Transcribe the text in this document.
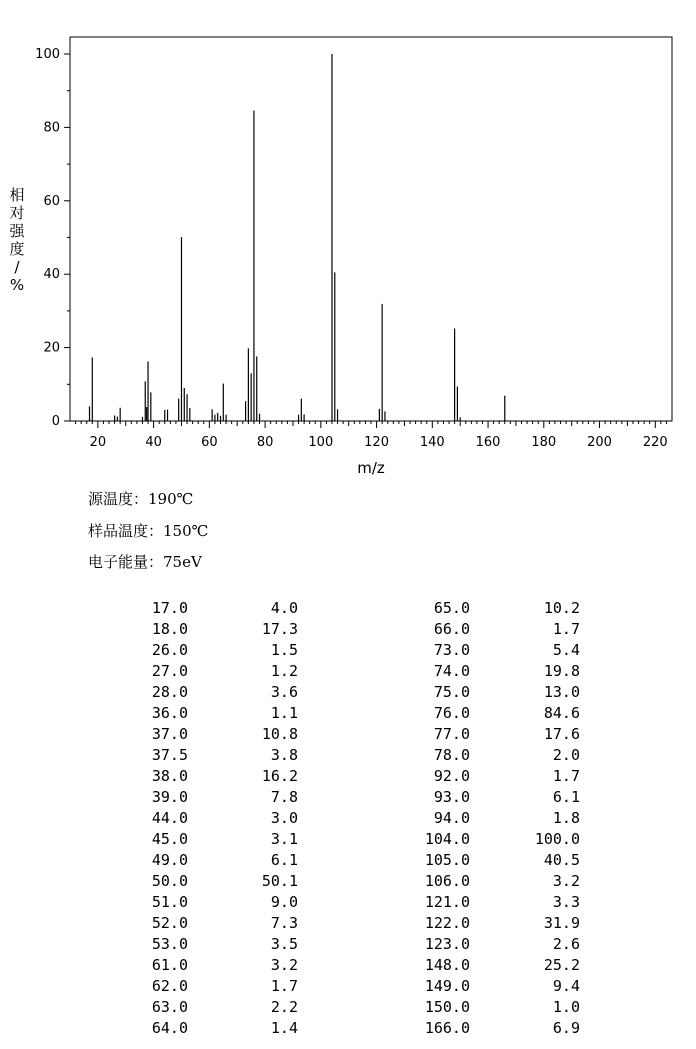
0
20
40
60
80
100
20	40	60	80	100 120 140 160 180 200 220
m/z
相
对
强
度
/
%
源温度：190℃
样品温度：150℃
电子能量：75eV
17.0	4.0
18.0	17.3
26.0	1.5
27.0	1.2
28.0	3.6
36.0	1.1
37.0	10.8
37.5	3.8
38.0	16.2
39.0	7.8
44.0	3.0
45.0	3.1
49.0	6.1
50.0	50.1
51.0	9.0
52.0	7.3
53.0	3.5
61.0	3.2
62.0	1.7
63.0	2.2
64.0	1.4
65.0	10.2
66.0	1.7
73.0	5.4
74.0	19.8
75.0	13.0
76.0	84.6
77.0	17.6
78.0	2.0
92.0	1.7
93.0	6.1
94.0	1.8
104.0	100.0
105.0	40.5
106.0	3.2
121.0	3.3
122.0	31.9
123.0	2.6
148.0	25.2
149.0	9.4
150.0	1.0
166.0	6.9
